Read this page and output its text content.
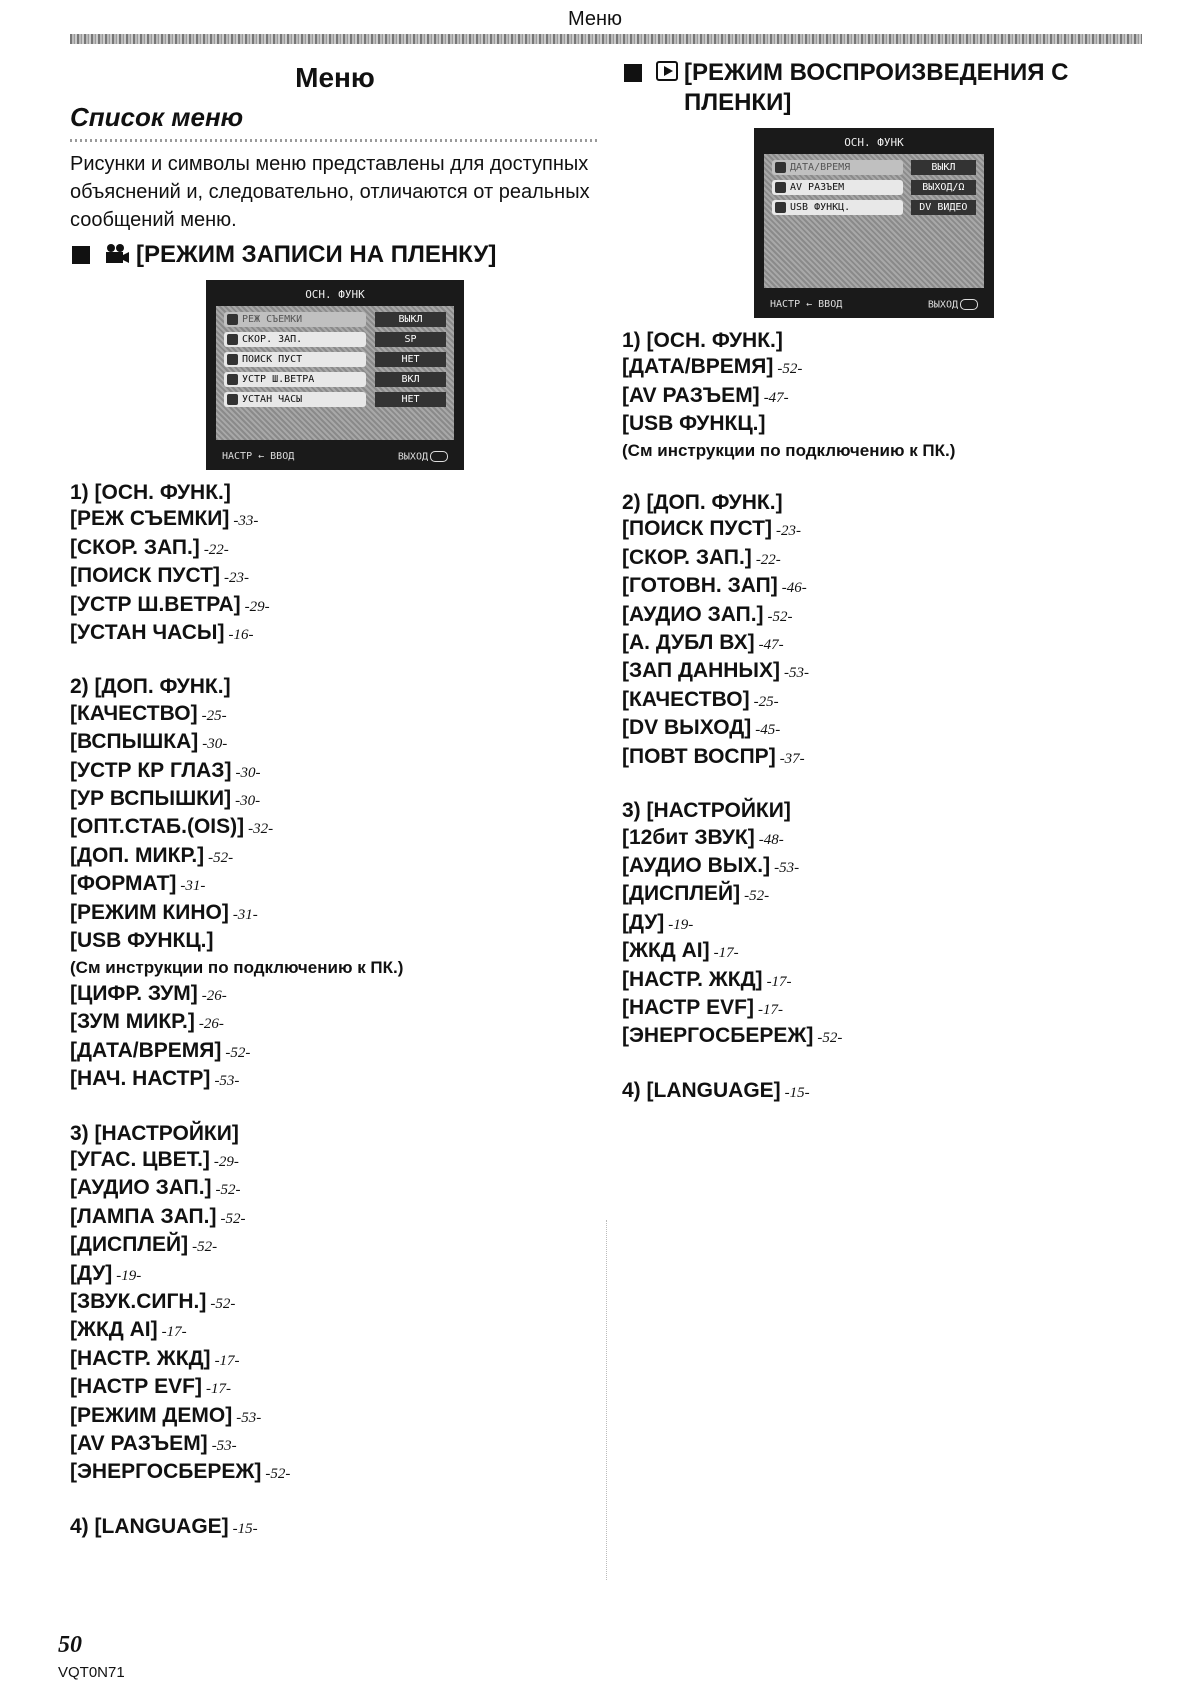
Меню
Меню
Список меню
Рисунки и символы меню представлены для доступных объяснений и, следовательно, отличаются от реальных сообщений меню.
[РЕЖИМ ЗАПИСИ НА ПЛЕНКУ]
ОСН. ФУНК
РЕЖ СЪЕМКИ	ВЫКЛ
СКОР. ЗАП.	SP
ПОИСК ПУСТ	НЕТ
УСТР Ш.ВЕТРА	ВКЛ
УСТАН ЧАСЫ	НЕТ
НАСТР ← ВВОД	ВЫХОД
1) [ОСН. ФУНК.]
[РЕЖ СЪЕМКИ] -33-
[СКОР. ЗАП.] -22-
[ПОИСК ПУСТ] -23-
[УСТР Ш.ВЕТРА] -29-
[УСТАН ЧАСЫ] -16-
2) [ДОП. ФУНК.]
[КАЧЕСТВО] -25-
[ВСПЫШКА] -30-
[УСТР КР ГЛАЗ] -30-
[УР ВСПЫШКИ] -30-
[ОПТ.СТАБ.(OIS)] -32-
[ДОП. МИКР.] -52-
[ФОРМАТ] -31-
[РЕЖИМ КИНО] -31-
[USB ФУНКЦ.]
(См инструкции по подключению к ПК.)
[ЦИФР. ЗУМ] -26-
[ЗУМ МИКР.] -26-
[ДАТА/ВРЕМЯ] -52-
[НАЧ. НАСТР] -53-
3) [НАСТРОЙКИ]
[УГАС. ЦВЕТ.] -29-
[АУДИО ЗАП.] -52-
[ЛАМПА ЗАП.] -52-
[ДИСПЛЕЙ] -52-
[ДУ] -19-
[ЗВУК.СИГН.] -52-
[ЖКД AI] -17-
[НАСТР. ЖКД] -17-
[НАСТР EVF] -17-
[РЕЖИМ ДЕМО] -53-
[AV РАЗЪЕМ] -53-
[ЭНЕРГОСБЕРЕЖ] -52-
4) [LANGUAGE] -15-
[РЕЖИМ ВОСПРОИЗВЕДЕНИЯ С ПЛЕНКИ]
ОСН. ФУНК
ДАТА/ВРЕМЯ	ВЫКЛ
AV РАЗЪЕМ	ВЫХОД/Ω
USB ФУНКЦ.	DV ВИДЕО
НАСТР ← ВВОД	ВЫХОД
1) [ОСН. ФУНК.]
[ДАТА/ВРЕМЯ] -52-
[AV РАЗЪЕМ] -47-
[USB ФУНКЦ.]
(См инструкции по подключению к ПК.)
2) [ДОП. ФУНК.]
[ПОИСК ПУСТ] -23-
[СКОР. ЗАП.] -22-
[ГОТОВН. ЗАП] -46-
[АУДИО ЗАП.] -52-
[А. ДУБЛ ВХ] -47-
[ЗАП ДАННЫХ] -53-
[КАЧЕСТВО] -25-
[DV ВЫХОД] -45-
[ПОВТ ВОСПР] -37-
3) [НАСТРОЙКИ]
[12бит ЗВУК] -48-
[АУДИО ВЫХ.] -53-
[ДИСПЛЕЙ] -52-
[ДУ] -19-
[ЖКД AI] -17-
[НАСТР. ЖКД] -17-
[НАСТР EVF] -17-
[ЭНЕРГОСБЕРЕЖ] -52-
4) [LANGUAGE] -15-
50
VQT0N71
